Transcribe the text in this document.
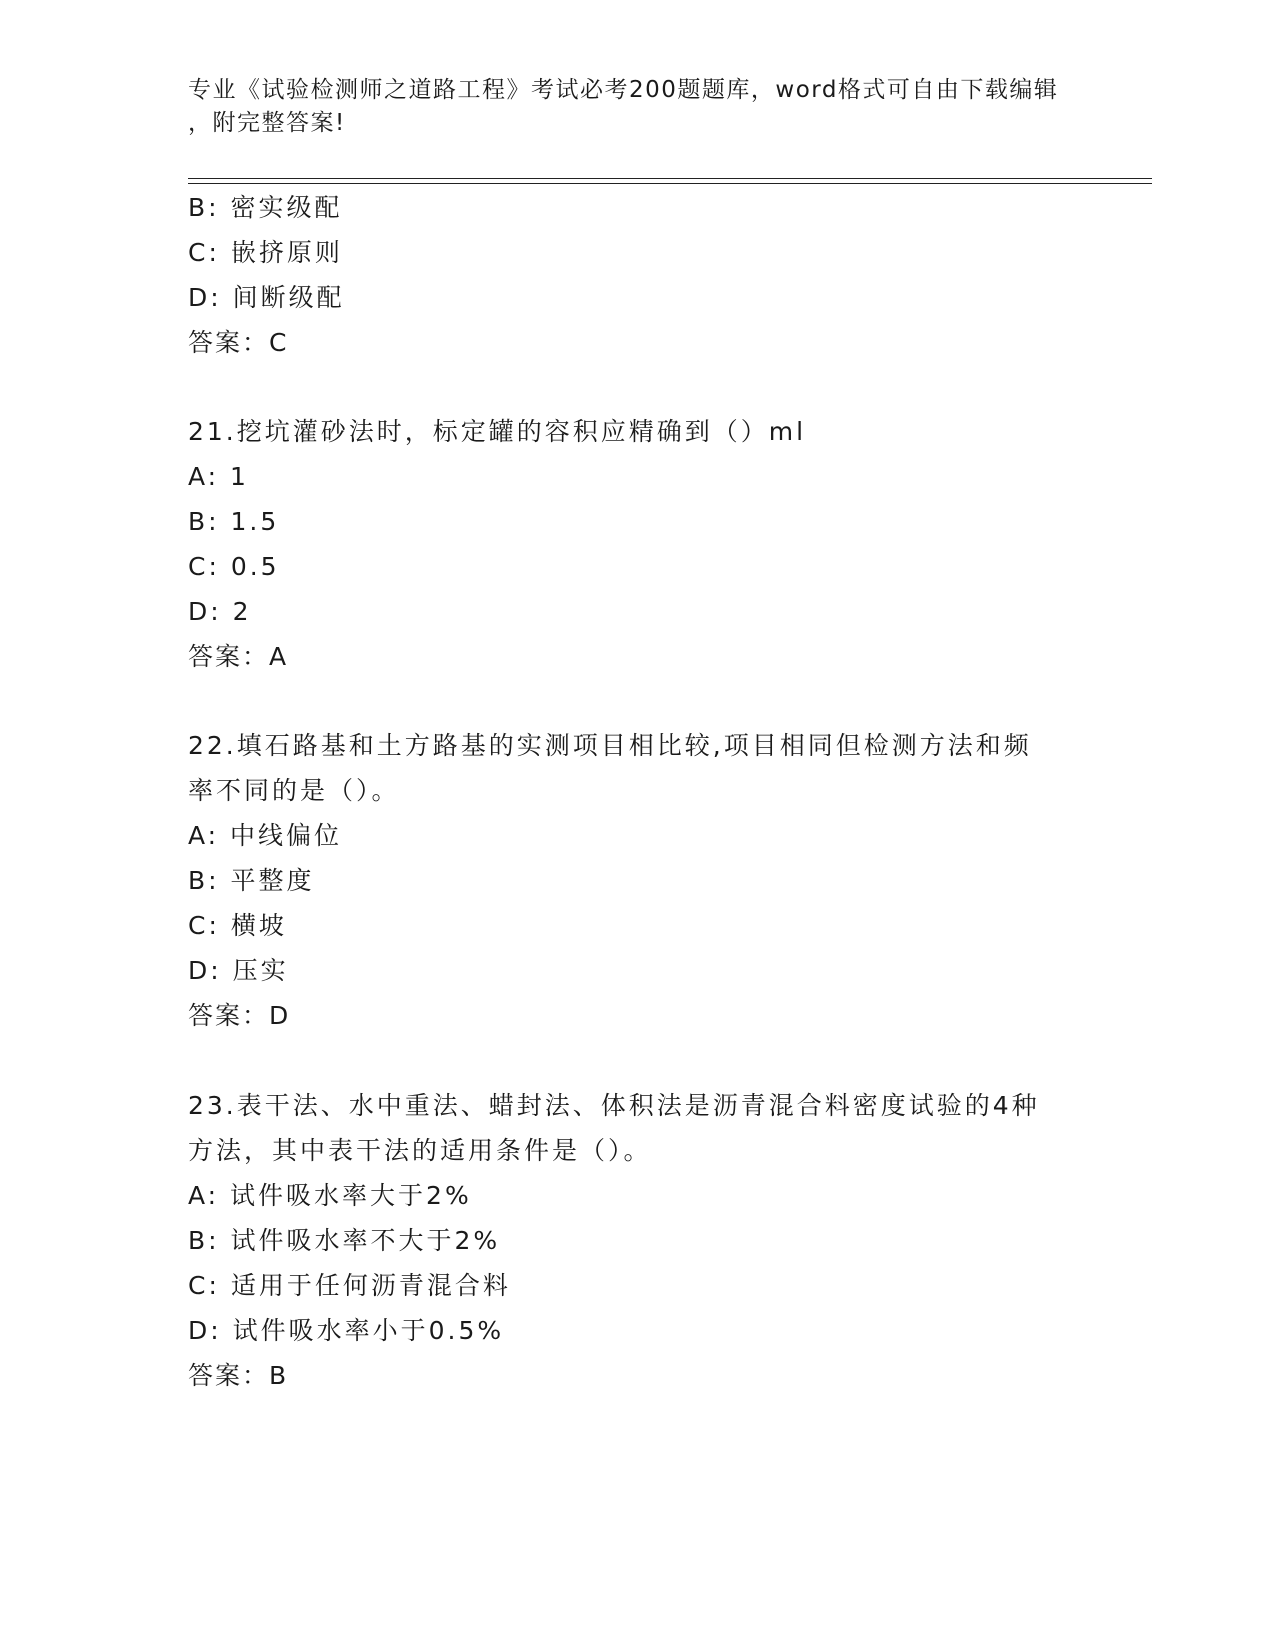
专业《试验检测师之道路工程》考试必考200题题库，word格式可自由下载编辑
，附完整答案!
B: 密实级配
C: 嵌挤原则
D: 间断级配
答案：C
21.挖坑灌砂法时，标定罐的容积应精确到（）ml
A: 1
B: 1.5
C: 0.5
D: 2
答案：A
22.填石路基和土方路基的实测项目相比较,项目相同但检测方法和频
率不同的是（）。
A: 中线偏位
B: 平整度
C: 横坡
D: 压实
答案：D
23.表干法、水中重法、蜡封法、体积法是沥青混合料密度试验的4种
方法，其中表干法的适用条件是（）。
A: 试件吸水率大于2%
B: 试件吸水率不大于2%
C: 适用于任何沥青混合料
D: 试件吸水率小于0.5%
答案：B
